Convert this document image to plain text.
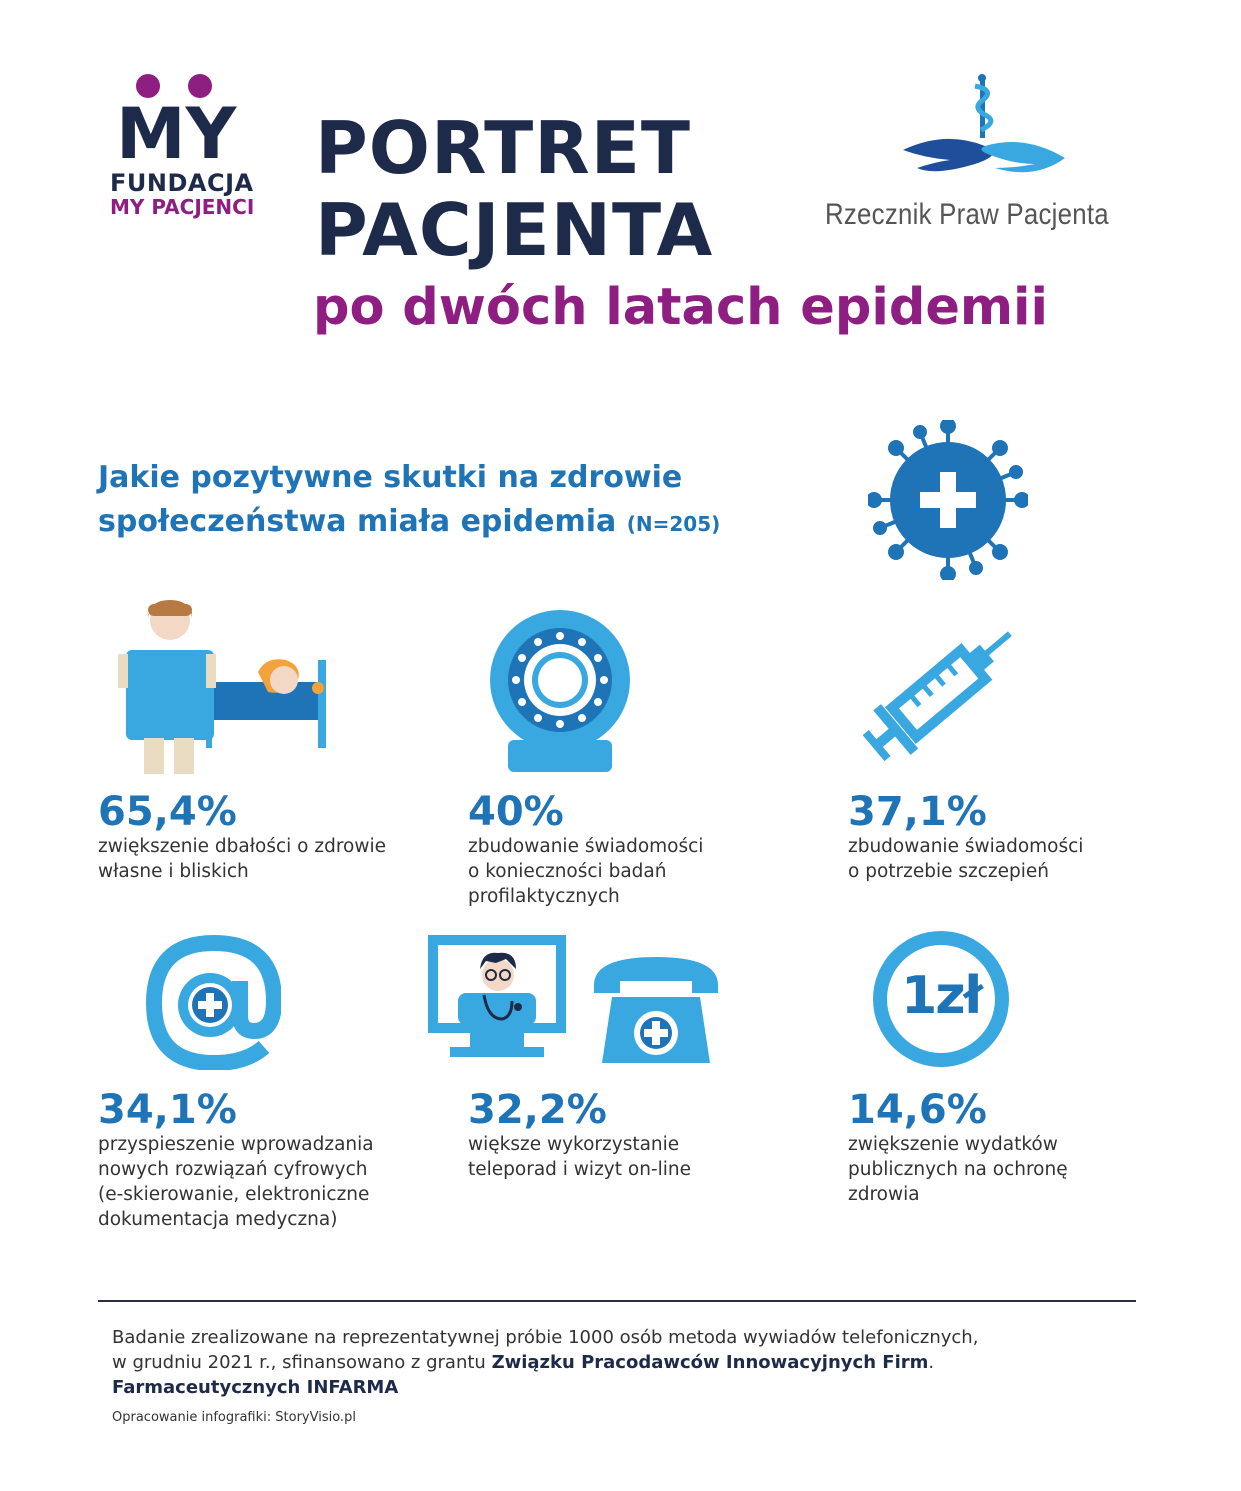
MY
FUNDACJA
MY PACJENCI
PORTRET
PACJENTA
po dwóch latach epidemii
Rzecznik Praw Pacjenta
Jakie pozytywne skutki na zdrowie
społeczeństwa miała epidemia (N=205)
65,4%
zwiększenie dbałości o zdrowie
własne i bliskich
40%
zbudowanie świadomości
o konieczności badań
profilaktycznych
37,1%
zbudowanie świadomości
o potrzebie szczepień
1zł
34,1%
przyspieszenie wprowadzania
nowych rozwiązań cyfrowych
(e-skierowanie, elektroniczne
dokumentacja medyczna)
32,2%
większe wykorzystanie
teleporad i wizyt on-line
14,6%
zwiększenie wydatków
publicznych na ochronę
zdrowia
Badanie zrealizowane na reprezentatywnej próbie 1000 osób metoda wywiadów telefonicznych,
w grudniu 2021 r., sfinansowano z grantu Związku Pracodawców Innowacyjnych Firm.
Farmaceutycznych INFARMA
Opracowanie infografiki: StoryVisio.pl
